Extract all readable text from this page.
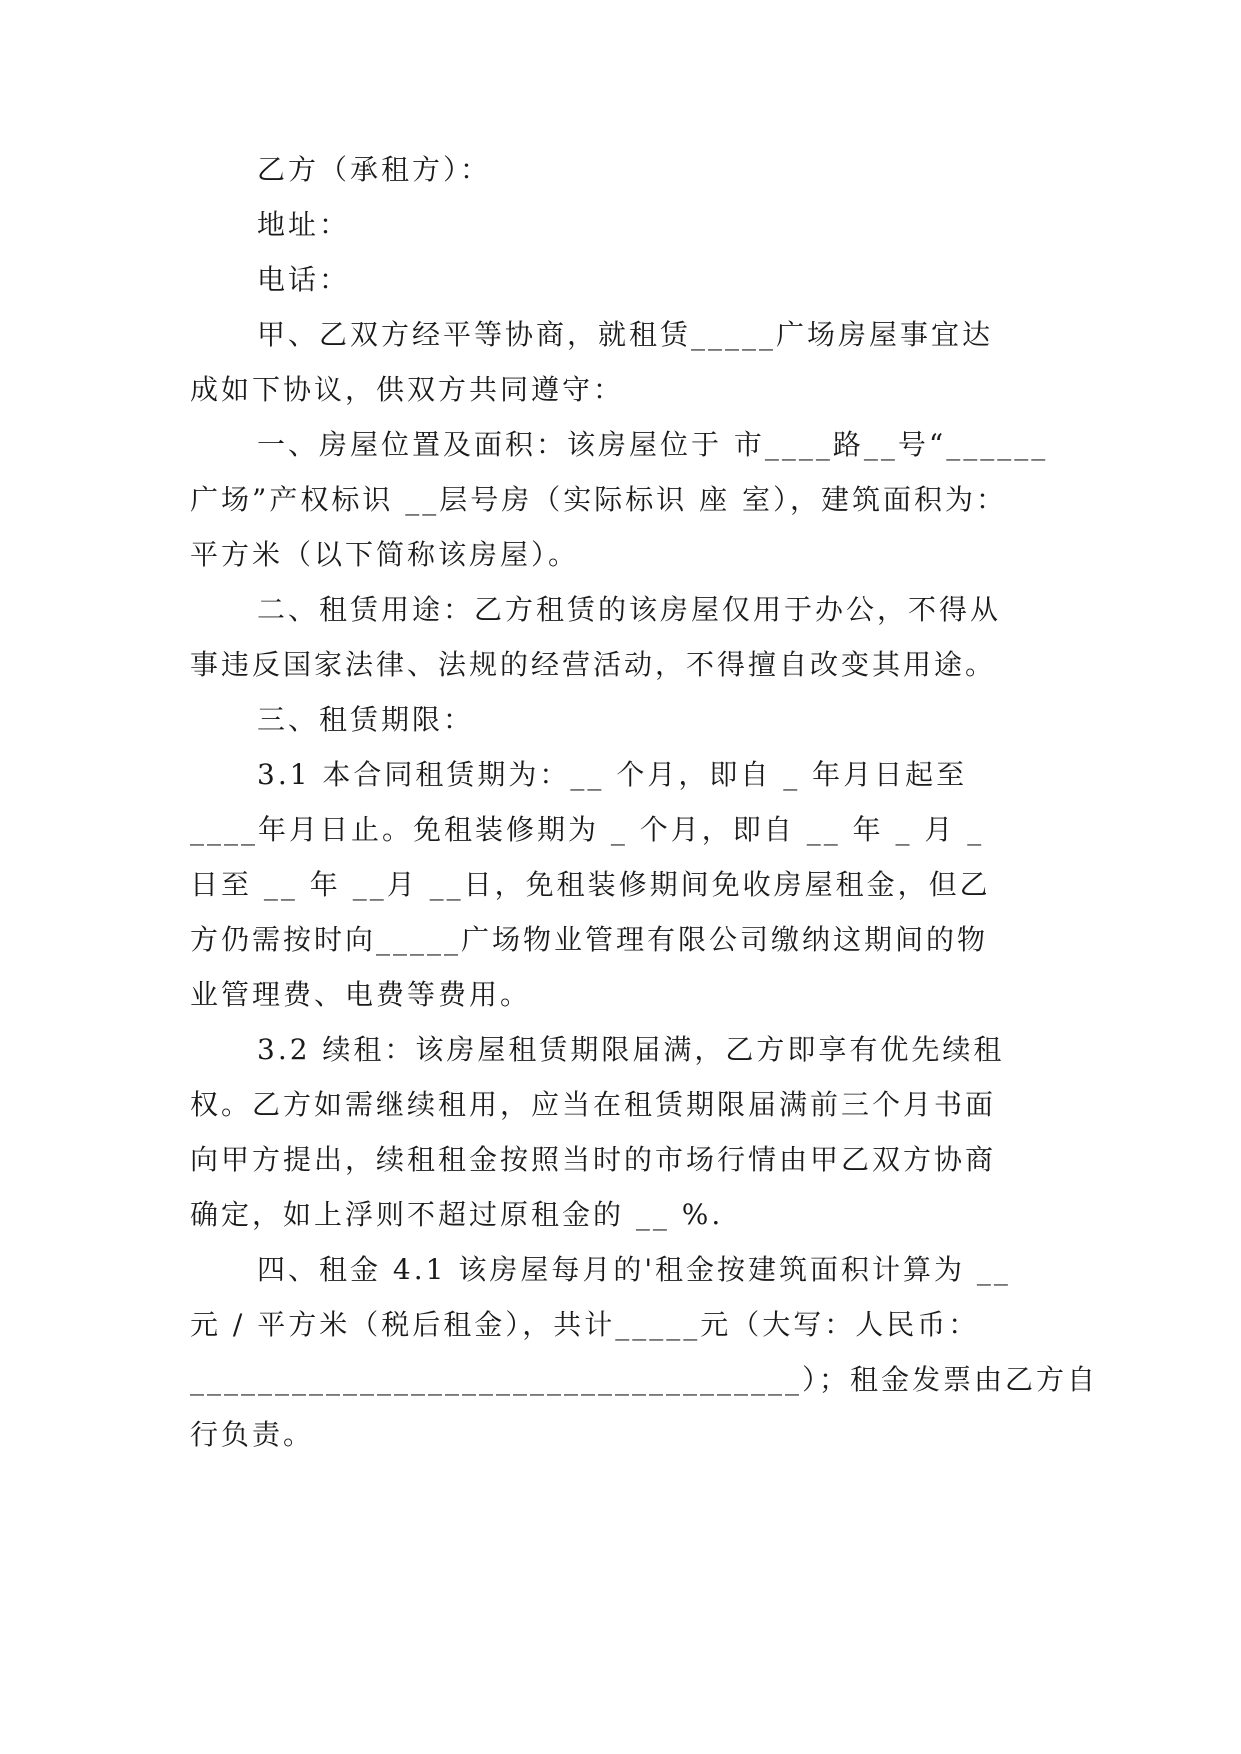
乙方（承租方）：
地址：
电话：
甲、乙双方经平等协商，就租赁_____广场房屋事宜达
成如下协议，供双方共同遵守：
一、房屋位置及面积：该房屋位于 市____路__号“______
广场”产权标识 __层号房（实际标识 座 室），建筑面积为：
平方米（以下简称该房屋）。
二、租赁用途：乙方租赁的该房屋仅用于办公，不得从
事违反国家法律、法规的经营活动，不得擅自改变其用途。
三、租赁期限：
3.1 本合同租赁期为：__ 个月，即自 _ 年月日起至
____年月日止。免租装修期为 _ 个月，即自 __ 年 _ 月 _
日至 __ 年 __月 __日，免租装修期间免收房屋租金，但乙
方仍需按时向_____广场物业管理有限公司缴纳这期间的物
业管理费、电费等费用。
3.2 续租：该房屋租赁期限届满，乙方即享有优先续租
权。乙方如需继续租用，应当在租赁期限届满前三个月书面
向甲方提出，续租租金按照当时的市场行情由甲乙双方协商
确定，如上浮则不超过原租金的 __ %.
四、租金 4.1 该房屋每月的'租金按建筑面积计算为 __
元 / 平方米（税后租金），共计_____元（大写：人民币：
____________________________________）；租金发票由乙方自
行负责。
